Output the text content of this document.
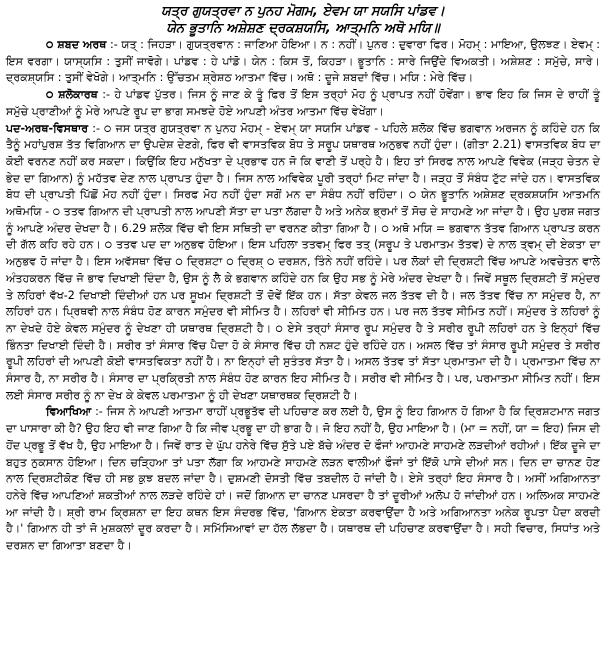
ਯਤ੍ਰ ਗੁਯਤ੍ਰਵਾ ਨ ਪੁਨਹ ਮੋਗਮ, ਏਵਮ ਯਾ ਸਯਸਿ ਪਾਂਡਵ।
ਯੇਨ ਭੂਤਾਨਿ ਅਸ਼ੇਸ਼ਣ ਦ੍ਰਕਸ਼ਯਸਿ, ਆਤ੍ਮਨਿ ਅਥੋ ਮਯਿ॥

੦ ਸ਼ਬਦ ਅਰਥ :- ਯਤ੍ : ਜਿਹੜਾ। ਗੁਯਤ੍ਰਵਾਨ : ਜਾਣਿਆ ਹੋਇਆ। ਨ : ਨਹੀਂ। ਪੁਨਰ : ਦੁਵਾਰਾ ਫਿਰ। ਮੋਹਮ੍ : ਮਾਇਆ, ਉਲਝਣ। ਏਵਮ੍ : ਇਸ ਵਰਗਾ। ਯਾਸ੍ਯਸਿ : ਤੁਸੀਂ ਜਾਵੋਗੇ। ਪਾਂਡਵ : ਹੇ ਪਾਂਡੋ। ਯੇਨ : ਕਿਸ ਤੋਂ, ਕਿਹੜਾ। ਭੂਤਾਨਿ : ਸਾਰੇ ਜਿਉਂਦੇ ਵਿਅਕਤੀ। ਅਸ਼ੇਸ਼ਣ : ਸਮੁੱਚੇ, ਸਾਰੇ। ਦ੍ਰਕਸ਼੍ਯਸਿ : ਤੁਸੀਂ ਵੇਖੋਗੇ। ਆਤ੍ਮਨਿ : ਉੱਚਤਮ ਸ਼੍ਰੇਸ਼ਠ ਆਤਮਾ ਵਿੱਚ। ਅਥੋ : ਦੂਜੇ ਸ਼ਬਦਾਂ ਵਿੱਚ। ਮਯਿ : ਮੇਰੇ ਵਿੱਚ।

੦ ਸ਼ਲੋਕਾਰਥ :- ਹੇ ਪਾਂਡਵ ਪੁੱਤਰ। ਜਿਸ ਨੂੰ ਜਾਣ ਕੇ ਤੂੰ ਫਿਰ ਤੋਂ ਇਸ ਤਰ੍ਹਾਂ ਮੋਹ ਨੂੰ ਪ੍ਰਾਪਤ ਨਹੀਂ ਹੋਵੇਂਗਾ। ਭਾਵ ਇਹ ਕਿ ਜਿਸ ਦੇ ਰਾਹੀਂ ਤੂੰ ਸਮੁੱਚੇ ਪ੍ਰਾਣੀਆਂ ਨੂੰ ਮੇਰੇ ਆਪਣੇ ਰੂਪ ਦਾ ਭਾਗ ਸਮਝਦੇ ਹੋਏ ਆਪਣੀ ਅੰਤਰ ਆਤਮਾ ਵਿੱਚ ਵੇਖੇਂਗਾ।

ਪਦ-ਅਰਥ-ਵਿਸਥਾਰ :- ੦ ਜਸ ਯਤ੍ਰ ਗੁਯਤ੍ਰਵਾ ਨ ਪੁਨਹ ਮੋਹਮ੍ - ਏਵਮ੍ ਯਾ ਸਯਸਿ ਪਾਂਡਵ - ਪਹਿਲੇ ਸ਼ਲੋਕ ਵਿੱਚ ਭਗਵਾਨ ਅਰਜਨ ਨੂੰ ਕਹਿੰਦੇ ਹਨ ਕਿ ਤੈਨੂੰ ਮਹਾਂਪੁਰਸ਼ ਤੱਤ ਵਿਗਿਆਨ ਦਾ ਉਪਦੇਸ਼ ਦੇਣਗੇ, ਫਿਰ ਵੀ ਵਾਸਤਵਿਕ ਬੋਧ ਤੇ ਸਰੂਪ ਯਥਾਰਥ ਅਨੁਭਵ ਨਹੀਂ ਹੁੰਦਾ। (ਗੀਤਾ 2.21) ਵਾਸਤਵਿਕ ਬੋਧ ਦਾ ਕੋਈ ਵਰਨਣ ਨਹੀਂ ਕਰ ਸਕਦਾ। ਕਿਉਂਕਿ ਇਹ ਮਨੁੱਖਤਾ ਦੇ ਪ੍ਰਭਾਵ ਹਨ ਜੋ ਕਿ ਵਾਣੀ ਤੋਂ ਪਰ੍ਹੇ ਹੈ। ਇਹ ਤਾਂ ਸਿਰਫ ਨਾਲ ਆਪਣੇ ਵਿਵੇਕ (ਜੜ੍ਹ ਚੇਤਨ ਦੇ ਭੇਦ ਦਾ ਗਿਆਨ) ਨੂੰ ਮਹੱਤਵ ਦੇਣ ਨਾਲ ਪ੍ਰਾਪਤ ਹੁੰਦਾ ਹੈ। ਜਿਸ ਨਾਲ ਅਵਿਵੇਕ ਪੂਰੀ ਤਰ੍ਹਾਂ ਮਿਟ ਜਾਂਦਾ ਹੈ। ਜੜ੍ਹ ਤੋਂ ਸੰਬੰਧ ਟੁੱਟ ਜਾਂਦੇ ਹਨ। ਵਾਸਤਵਿਕ ਬੋਧ ਦੀ ਪ੍ਰਾਪਤੀ ਪਿੱਛੋਂ ਮੋਹ ਨਹੀਂ ਹੁੰਦਾ। ਸਿਰਫ ਮੋਹ ਨਹੀਂ ਹੁੰਦਾ ਸਗੋਂ ਮਨ ਦਾ ਸੰਬੰਧ ਨਹੀਂ ਰਹਿੰਦਾ। ੦ ਯੇਨ ਭੂਤਾਨਿ ਅਸ਼ੇਸ਼ਣ ਦ੍ਰਕਸ਼ਯਸਿ ਆਤਮਨਿ ਅਥੋਮਯਿ - ੦ ਤਤਵ ਗਿਆਨ ਦੀ ਪ੍ਰਾਪਤੀ ਨਾਲ ਆਪਣੀ ਸੱਤਾ ਦਾ ਪਤਾ ਲੱਗਦਾ ਹੈ ਅਤੇ ਅਨੇਕ ਭ੍ਰਮਾਂ ਤੋਂ ਸੋਚ ਦੇ ਸਾਹਮਣੇ ਆ ਜਾਂਦਾ ਹੈ। ਉਹ ਪੁਰਸ਼ ਜਗਤ ਨੂੰ ਆਪਣੇ ਅੰਦਰ ਦੇਖਦਾ ਹੈ। 6.29 ਸ਼ਲੋਕ ਵਿੱਚ ਵੀ ਇਸ ਸਥਿਤੀ ਦਾ ਵਰਨਣ ਕੀਤਾ ਗਿਆ ਹੈ। ੦ ਅਥੋ ਮਯਿ = ਭਗਵਾਨ ਤੱਤਵ ਗਿਆਨ ਪ੍ਰਾਪਤ ਕਰਨ ਦੀ ਗੱਲ ਕਹਿ ਰਹੇ ਹਨ। ੦ ਤਤਵ ਪਦ ਦਾ ਅਨੁਭਵ ਹੋਇਆ। ਇਸ ਪਹਿਲਾ ਤਤਵਮ੍ ਫਿਰ ਤਤ੍ (ਸਰੂਪ ਤੇ ਪਰਮਾਤਮ ਤੱਤਵ) ਦੇ ਨਾਲ ਤ੍ਵਮ੍ ਦੀ ਏਕਤਾ ਦਾ ਅਨੁਭਵ ਹੋ ਜਾਂਦਾ ਹੈ। ਇਸ ਅਵੱਸਥਾ ਵਿੱਚ ੦ ਦ੍ਰਿਸ਼ਟਾ ੦ ਦ੍ਰਿਸ਼੍ ੦ ਦਰਸ਼ਨ, ਤਿੰਨੇ ਨਹੀਂ ਰਹਿੰਦੇ। ਪਰ ਲੋਕਾਂ ਦੀ ਦ੍ਰਿਸ਼ਟੀ ਵਿੱਚ ਆਪਣੇ ਅਵਚੇਤਨ ਵਾਲੇ ਅੰਤਹਕਰਨ ਵਿੱਚ ਜੋ ਭਾਵ ਦਿਖਾਈ ਦਿੰਦਾ ਹੈ, ਉਸ ਨੂੰ ਲੈ ਕੇ ਭਗਵਾਨ ਕਹਿੰਦੇ ਹਨ ਕਿ ਉਹ ਸਭ ਨੂੰ ਮੇਰੇ ਅੰਦਰ ਦੇਖਦਾ ਹੈ। ਜਿਵੇਂ ਸਥੂਲ ਦ੍ਰਿਸ਼ਟੀ ਤੋਂ ਸਮੁੰਦਰ ਤੇ ਲਹਿਰਾਂ ਵੱਖ-2 ਦਿਖਾਈ ਦਿੰਦੀਆਂ ਹਨ ਪਰ ਸੂਖਮ ਦ੍ਰਿਸ਼ਟੀ ਤੋਂ ਦੋਵੇਂ ਇੱਕ ਹਨ। ਸੱਤਾ ਕੇਵਲ ਜਲ ਤੱਤਵ ਦੀ ਹੈ। ਜਲ ਤੱਤਵ ਵਿੱਚ ਨਾ ਸਮੁੰਦਰ ਹੈ, ਨਾ ਲਹਿਰਾਂ ਹਨ। ਪ੍ਰਿਥਵੀ ਨਾਲ ਸੰਬੰਧ ਹੋਣ ਕਾਰਨ ਸਮੁੰਦਰ ਵੀ ਸੀਮਿਤ ਹੈ। ਲਹਿਰਾਂ ਵੀ ਸੀਮਿਤ ਹਨ। ਪਰ ਜਲ ਤੱਤਵ ਸੀਮਿਤ ਨਹੀਂ। ਸਮੁੰਦਰ ਤੇ ਲਹਿਰਾਂ ਨੂੰ ਨਾ ਦੇਖਦੇ ਹੋਏ ਕੇਵਲ ਸਮੁੰਦਰ ਨੂੰ ਦੇਖਣਾ ਹੀ ਯਥਾਰਥ ਦ੍ਰਿਸ਼ਟੀ ਹੈ। ੦ ਏਸੇ ਤਰ੍ਹਾਂ ਸੰਸਾਰ ਰੂਪ ਸਮੁੰਦਰ ਹੈ ਤੇ ਸਰੀਰ ਰੂਪੀ ਲਹਿਰਾਂ ਹਨ ਤੇ ਇਨ੍ਹਾਂ ਵਿੱਚ ਭਿੰਨਤਾ ਦਿਖਾਈ ਦਿੰਦੀ ਹੈ। ਸਰੀਰ ਤਾਂ ਸੰਸਾਰ ਵਿੱਚ ਪੈਦਾ ਹੋ ਕੇ ਸੰਸਾਰ ਵਿੱਚ ਹੀ ਨਸ਼ਟ ਹੁੰਦੇ ਰਹਿੰਦੇ ਹਨ। ਅਸਲ ਵਿੱਚ ਤਾਂ ਸੰਸਾਰ ਰੂਪੀ ਸਮੁੰਦਰ ਤੇ ਸਰੀਰ ਰੂਪੀ ਲਹਿਰਾਂ ਦੀ ਆਪਣੀ ਕੋਈ ਵਾਸਤਵਿਕਤਾ ਨਹੀਂ ਹੈ। ਨਾ ਇਨ੍ਹਾਂ ਦੀ ਸੁਤੰਤਰ ਸੱਤਾ ਹੈ। ਅਸਲ ਤੱਤਵ ਤਾਂ ਸੱਤਾ ਪ੍ਰਮਾਤਮਾ ਦੀ ਹੈ। ਪ੍ਰਮਾਤਮਾ ਵਿੱਚ ਨਾ ਸੰਸਾਰ ਹੈ, ਨਾ ਸਰੀਰ ਹੈ। ਸੰਸਾਰ ਦਾ ਪ੍ਰਕ੍ਰਿਤੀ ਨਾਲ ਸੰਬੰਧ ਹੋਣ ਕਾਰਨ ਇਹ ਸੀਮਿਤ ਹੈ। ਸਰੀਰ ਵੀ ਸੀਮਿਤ ਹੈ। ਪਰ, ਪਰਮਾਤਮਾ ਸੀਮਿਤ ਨਹੀਂ। ਇਸ ਲਈ ਸੰਸਾਰ ਸਰੀਰ ਨੂੰ ਨਾ ਦੇਖ ਕੇ ਕੇਵਲ ਪਰਮਾਤਮਾ ਨੂੰ ਹੀ ਦੇਖਣਾ ਯਥਾਰਥਕ ਦ੍ਰਿਸ਼ਟੀ ਹੈ।

ਵਿਆਖਿਆ :- ਜਿਸ ਨੇ ਆਪਣੀ ਆਤਮਾ ਰਾਹੀਂ ਪ੍ਰਭੂਤੱਵ ਦੀ ਪਹਿਚਾਣ ਕਰ ਲਈ ਹੈ, ਉਸ ਨੂੰ ਇਹ ਗਿਆਨ ਹੋ ਗਿਆ ਹੈ ਕਿ ਦ੍ਰਿਸ਼ਟਮਾਨ ਜਗਤ ਦਾ ਪਾਸਾਰਾ ਕੀ ਹੈ? ਉਹ ਇਹ ਵੀ ਜਾਣ ਗਿਆ ਹੈ ਕਿ ਜੀਵ ਪ੍ਰਭੂ ਦਾ ਹੀ ਭਾਗ ਹੈ। ਜੋ ਇਹ ਨਹੀਂ ਹੈ, ਉਹ ਮਾਇਆ ਹੈ। (ਮਾ = ਨਹੀਂ, ਯਾ = ਇਹ) ਜਿਸ ਦੀ ਹੋਂਦ ਪ੍ਰਭੂ ਤੋਂ ਵੱਖ ਹੈ, ਉਹ ਮਾਇਆ ਹੈ। ਜਿਵੇਂ ਰਾਤ ਦੇ ਘੁੱਪ ਹਨੇਰੇ ਵਿੱਚ ਸੁੱਤੇ ਪਏ ਬੱਚੇ ਅੰਦਰ ਦੋ ਫੌਜਾਂ ਆਹਮਣੇ ਸਾਹਮਣੇ ਲੜਦੀਆਂ ਰਹੀਆਂ। ਇੱਕ ਦੂਜੇ ਦਾ ਬਹੁਤ ਨੁਕਸਾਨ ਹੋਇਆ। ਦਿਨ ਚੜ੍ਹਿਆ ਤਾਂ ਪਤਾ ਲੱਗਾ ਕਿ ਆਹਮਣੇ ਸਾਹਮਣੇ ਲੜਨ ਵਾਲੀਆਂ ਫੌਜਾਂ ਤਾਂ ਇੱਕੋ ਪਾਸੇ ਦੀਆਂ ਸਨ। ਦਿਨ ਦਾ ਚਾਨਣ ਹੋਣ ਨਾਲ ਦ੍ਰਿਸ਼ਟੀਕੋਣ ਵਿੱਚ ਹੀ ਸਭ ਕੁਝ ਬਦਲ ਜਾਂਦਾ ਹੈ। ਦੁਸ਼ਮਣੀ ਦੋਸਤੀ ਵਿੱਚ ਤਬਦੀਲ ਹੋ ਜਾਂਦੀ ਹੈ। ਏਸੇ ਤਰ੍ਹਾਂ ਇਹ ਸੰਸਾਰ ਹੈ। ਅਸੀਂ ਅਗਿਆਨਤਾ ਹਨੇਰੇ ਵਿੱਚ ਆਪਣਿਆਂ ਸ਼ਕਤੀਆਂ ਨਾਲ ਲੜਦੇ ਰਹਿੰਦੇ ਹਾਂ। ਜਦੋਂ ਗਿਆਨ ਦਾ ਚਾਨਣ ਪਸਰਦਾ ਹੈ ਤਾਂ ਦੂਰੀਆਂ ਅਲੋਪ ਹੋ ਜਾਂਦੀਆਂ ਹਨ। ਅਲਿਅਕ ਸਾਹਮਣੇ ਆ ਜਾਂਦੀ ਹੈ। ਸ਼੍ਰੀ ਰਾਮ ਕ੍ਰਿਸ਼ਨਾ ਦਾ ਇਹ ਕਥਨ ਇਸ ਸੰਦਰਭ ਵਿੱਚ, 'ਗਿਆਨ ਏਕਤਾ ਕਰਵਾਉਂਦਾ ਹੈ ਅਤੇ ਅਗਿਆਨਤਾ ਅਨੇਕ ਰੂਪਤਾ ਪੈਦਾ ਕਰਦੀ ਹੈ।' ਗਿਆਨ ਹੀ ਤਾਂ ਜੋ ਮੁਸ਼ਕਲਾਂ ਦੂਰ ਕਰਦਾ ਹੈ। ਸਮਿੱਸਿਆਵਾਂ ਦਾ ਹੱਲ ਲੱਭਦਾ ਹੈ। ਯਥਾਰਥ ਦੀ ਪਹਿਚਾਣ ਕਰਵਾਉਂਦਾ ਹੈ। ਸਹੀ ਵਿਚਾਰ, ਸਿਧਾਂਤ ਅਤੇ ਦਰਸ਼ਨ ਦਾ ਗਿਆਤਾ ਬਣਦਾ ਹੈ।
